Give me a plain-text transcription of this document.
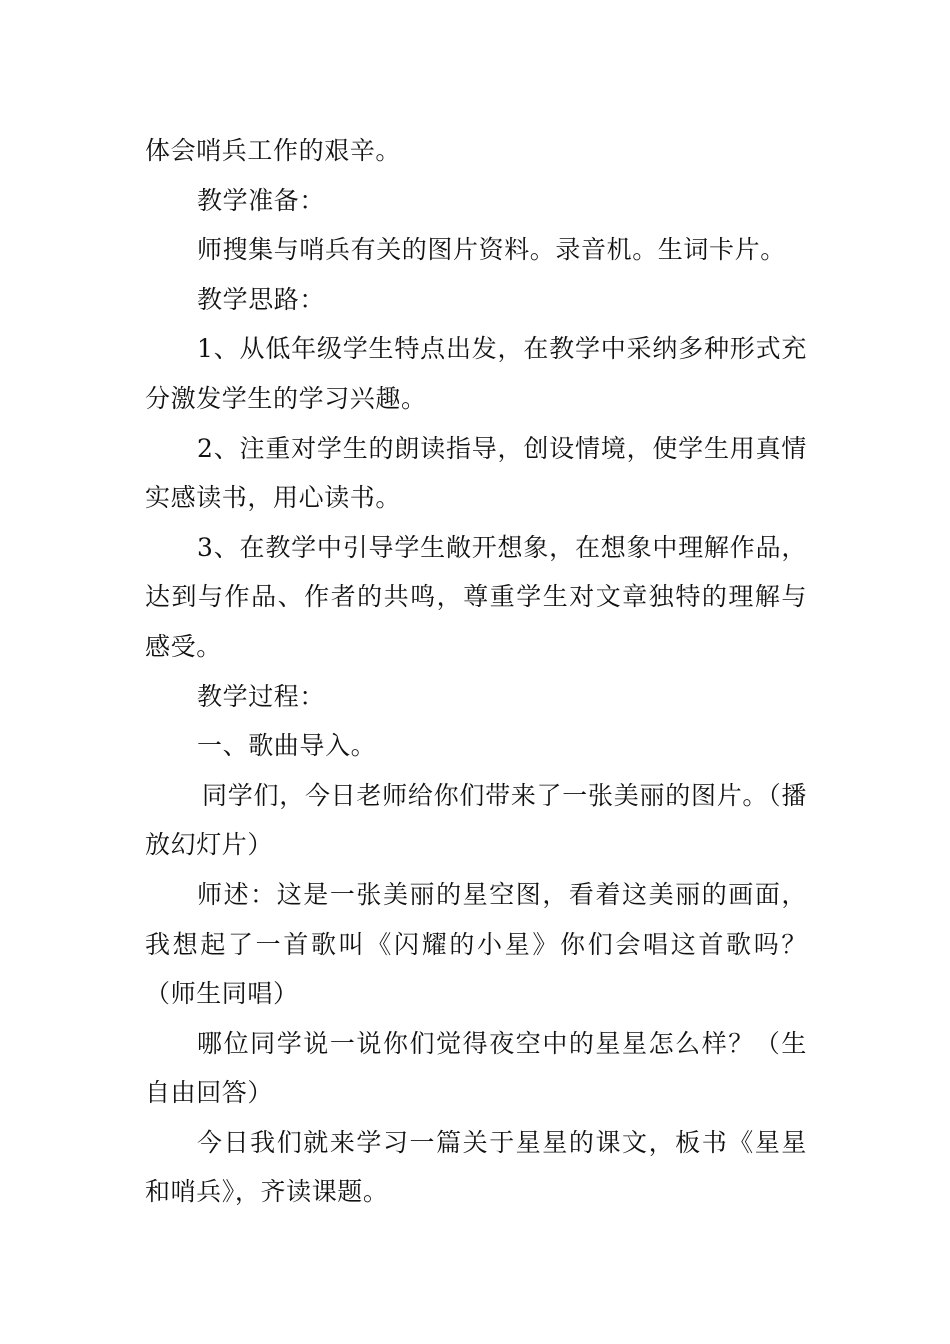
体会哨兵工作的艰辛。

教学准备：

师搜集与哨兵有关的图片资料。录音机。生词卡片。

教学思路：

1、从低年级学生特点出发，在教学中采纳多种形式充分激发学生的学习兴趣。

2、注重对学生的朗读指导，创设情境，使学生用真情实感读书，用心读书。

3、在教学中引导学生敞开想象，在想象中理解作品，达到与作品、作者的共鸣，尊重学生对文章独特的理解与感受。

教学过程：

一、歌曲导入。

同学们，今日老师给你们带来了一张美丽的图片。（播放幻灯片）

师述：这是一张美丽的星空图，看着这美丽的画面，我想起了一首歌叫《闪耀的小星》你们会唱这首歌吗？（师生同唱）

哪位同学说一说你们觉得夜空中的星星怎么样？（生自由回答）

今日我们就来学习一篇关于星星的课文，板书《星星和哨兵》，齐读课题。
